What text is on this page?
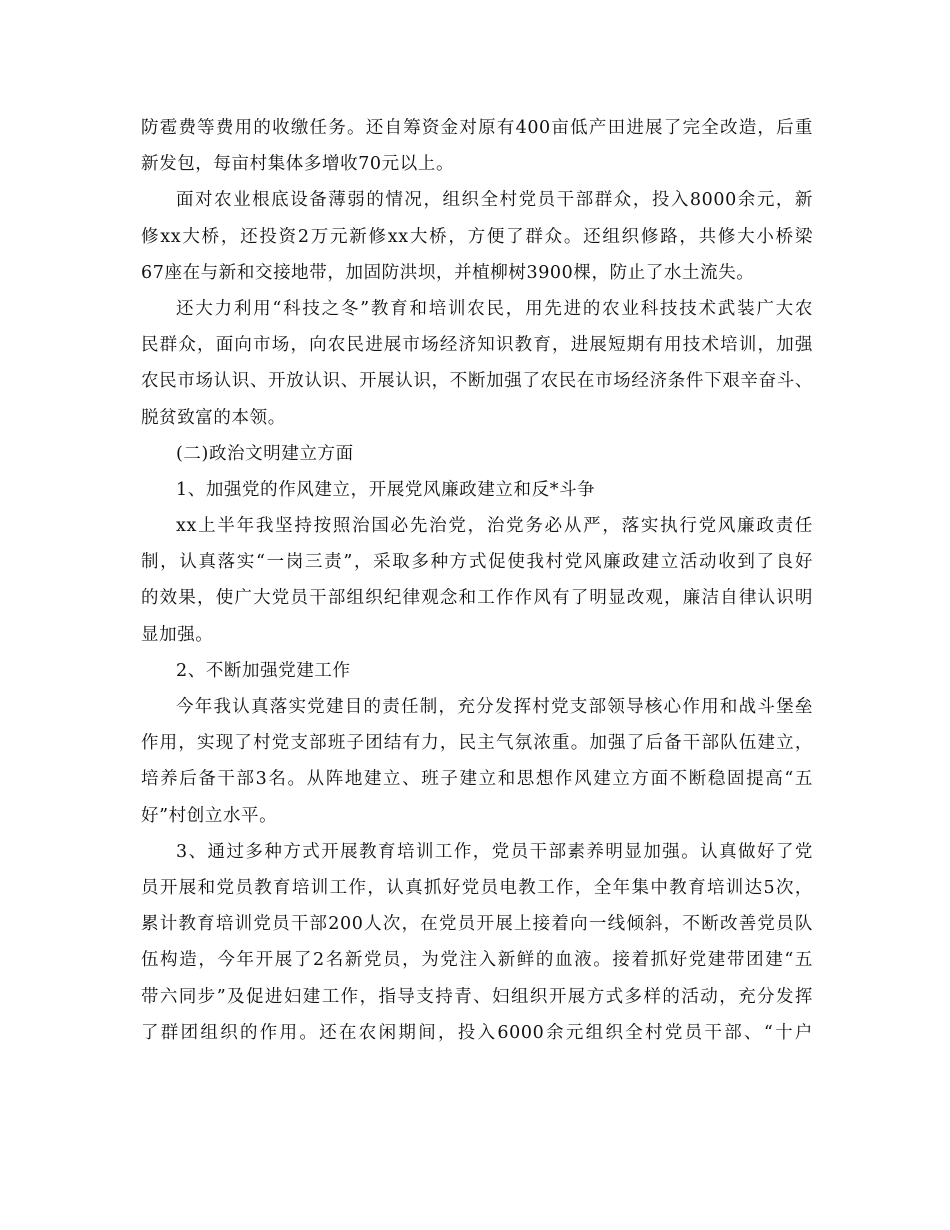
防雹费等费用的收缴任务。还自筹资金对原有400亩低产田进展了完全改造，后重
新发包，每亩村集体多增收70元以上。
面对农业根底设备薄弱的情况，组织全村党员干部群众，投入8000余元，新
修xx大桥，还投资2万元新修xx大桥，方便了群众。还组织修路，共修大小桥梁
67座在与新和交接地带，加固防洪坝，并植柳树3900棵，防止了水土流失。
还大力利用“科技之冬”教育和培训农民，用先进的农业科技技术武装广大农
民群众，面向市场，向农民进展市场经济知识教育，进展短期有用技术培训，加强
农民市场认识、开放认识、开展认识，不断加强了农民在市场经济条件下艰辛奋斗、
脱贫致富的本领。
(二)政治文明建立方面
1、加强党的作风建立，开展党风廉政建立和反*斗争
xx上半年我坚持按照治国必先治党，治党务必从严，落实执行党风廉政责任
制，认真落实“一岗三责”，采取多种方式促使我村党风廉政建立活动收到了良好
的效果，使广大党员干部组织纪律观念和工作作风有了明显改观，廉洁自律认识明
显加强。
2、不断加强党建工作
今年我认真落实党建目的责任制，充分发挥村党支部领导核心作用和战斗堡垒
作用，实现了村党支部班子团结有力，民主气氛浓重。加强了后备干部队伍建立，
培养后备干部3名。从阵地建立、班子建立和思想作风建立方面不断稳固提高“五
好”村创立水平。
3、通过多种方式开展教育培训工作，党员干部素养明显加强。认真做好了党
员开展和党员教育培训工作，认真抓好党员电教工作，全年集中教育培训达5次，
累计教育培训党员干部200人次，在党员开展上接着向一线倾斜，不断改善党员队
伍构造，今年开展了2名新党员，为党注入新鲜的血液。接着抓好党建带团建“五
带六同步”及促进妇建工作，指导支持青、妇组织开展方式多样的活动，充分发挥
了群团组织的作用。还在农闲期间，投入6000余元组织全村党员干部、“十户
